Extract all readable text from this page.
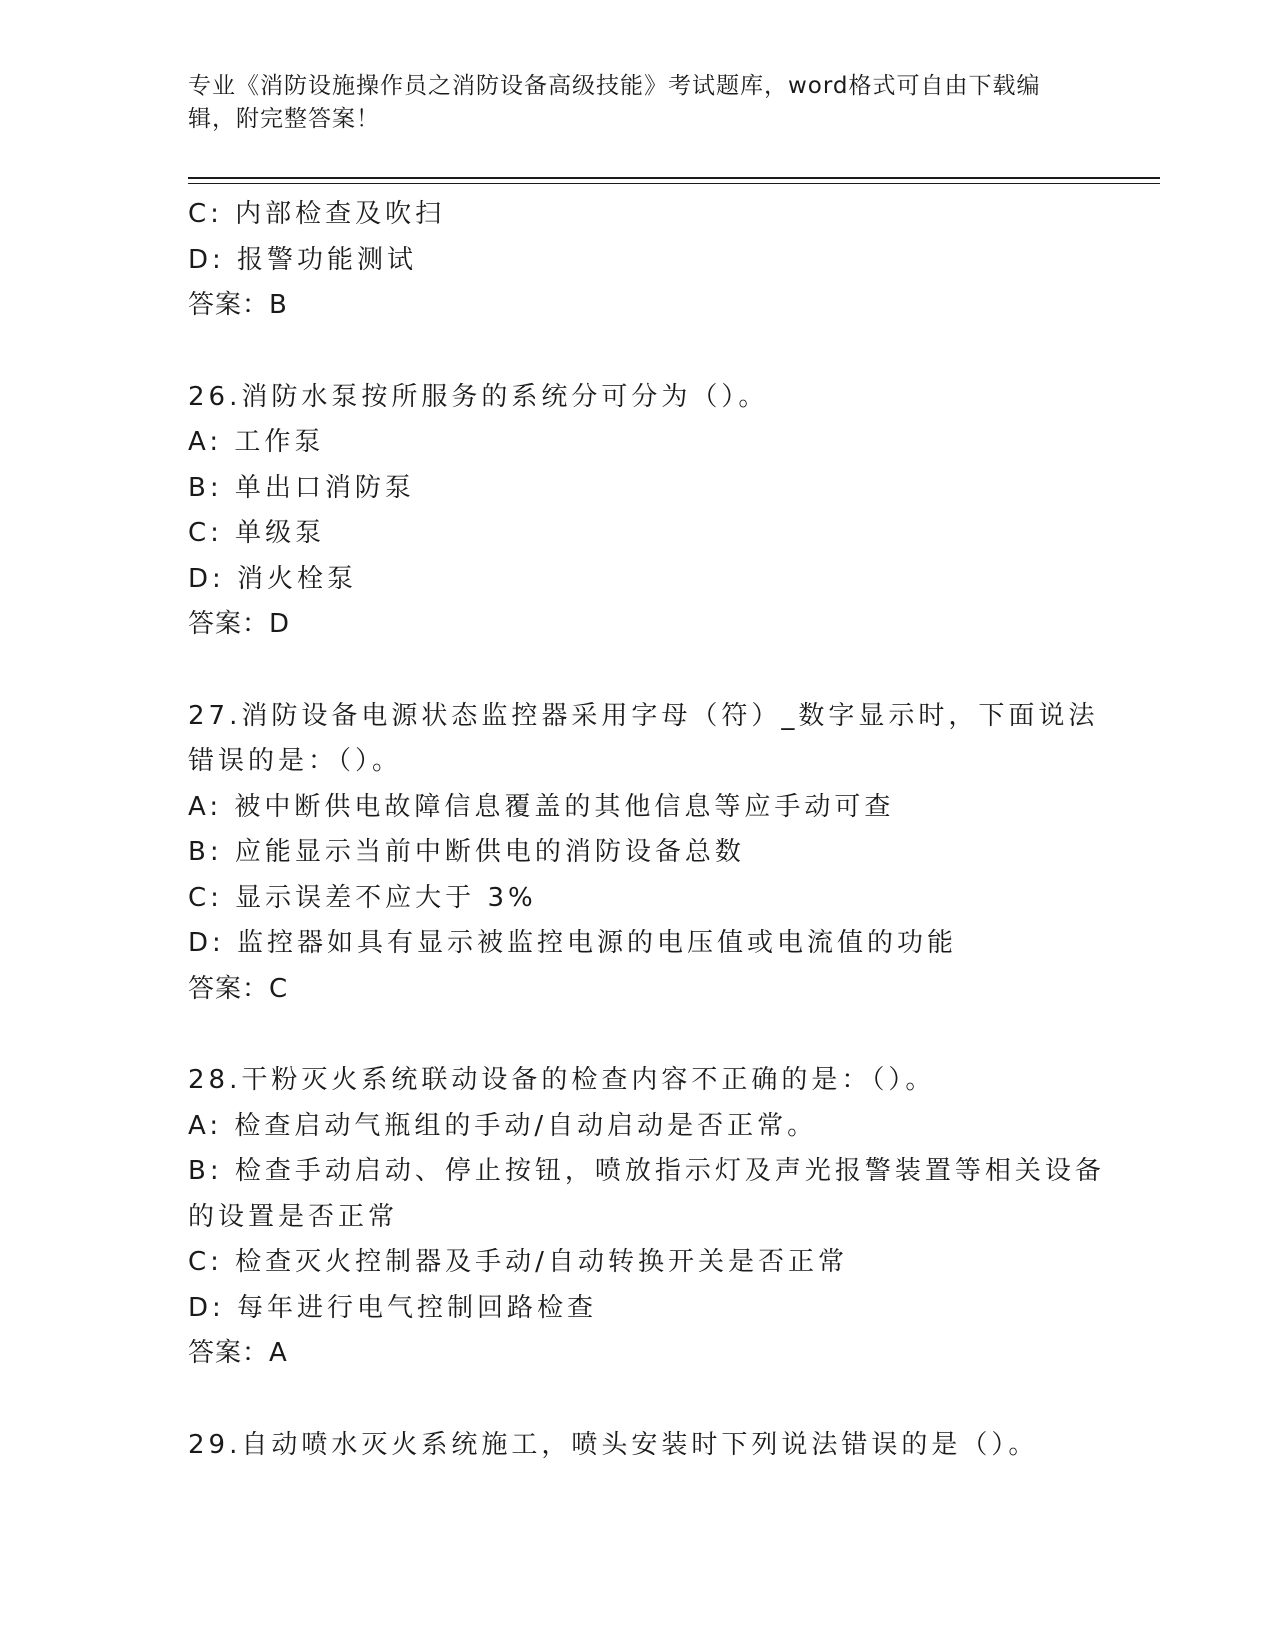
专业《消防设施操作员之消防设备高级技能》考试题库，word格式可自由下载编辑，附完整答案！
C: 内部检查及吹扫
D: 报警功能测试
答案：B
26.消防水泵按所服务的系统分可分为（）。
A: 工作泵
B: 单出口消防泵
C: 单级泵
D: 消火栓泵
答案：D
27.消防设备电源状态监控器采用字母（符）_数字显示时，下面说法
错误的是：（）。
A: 被中断供电故障信息覆盖的其他信息等应手动可查
B: 应能显示当前中断供电的消防设备总数
C: 显示误差不应大于 3%
D: 监控器如具有显示被监控电源的电压值或电流值的功能
答案：C
28.干粉灭火系统联动设备的检查内容不正确的是：（）。
A: 检查启动气瓶组的手动/自动启动是否正常。
B: 检查手动启动、停止按钮，喷放指示灯及声光报警装置等相关设备
的设置是否正常
C: 检查灭火控制器及手动/自动转换开关是否正常
D: 每年进行电气控制回路检查
答案：A
29.自动喷水灭火系统施工，喷头安装时下列说法错误的是（）。
